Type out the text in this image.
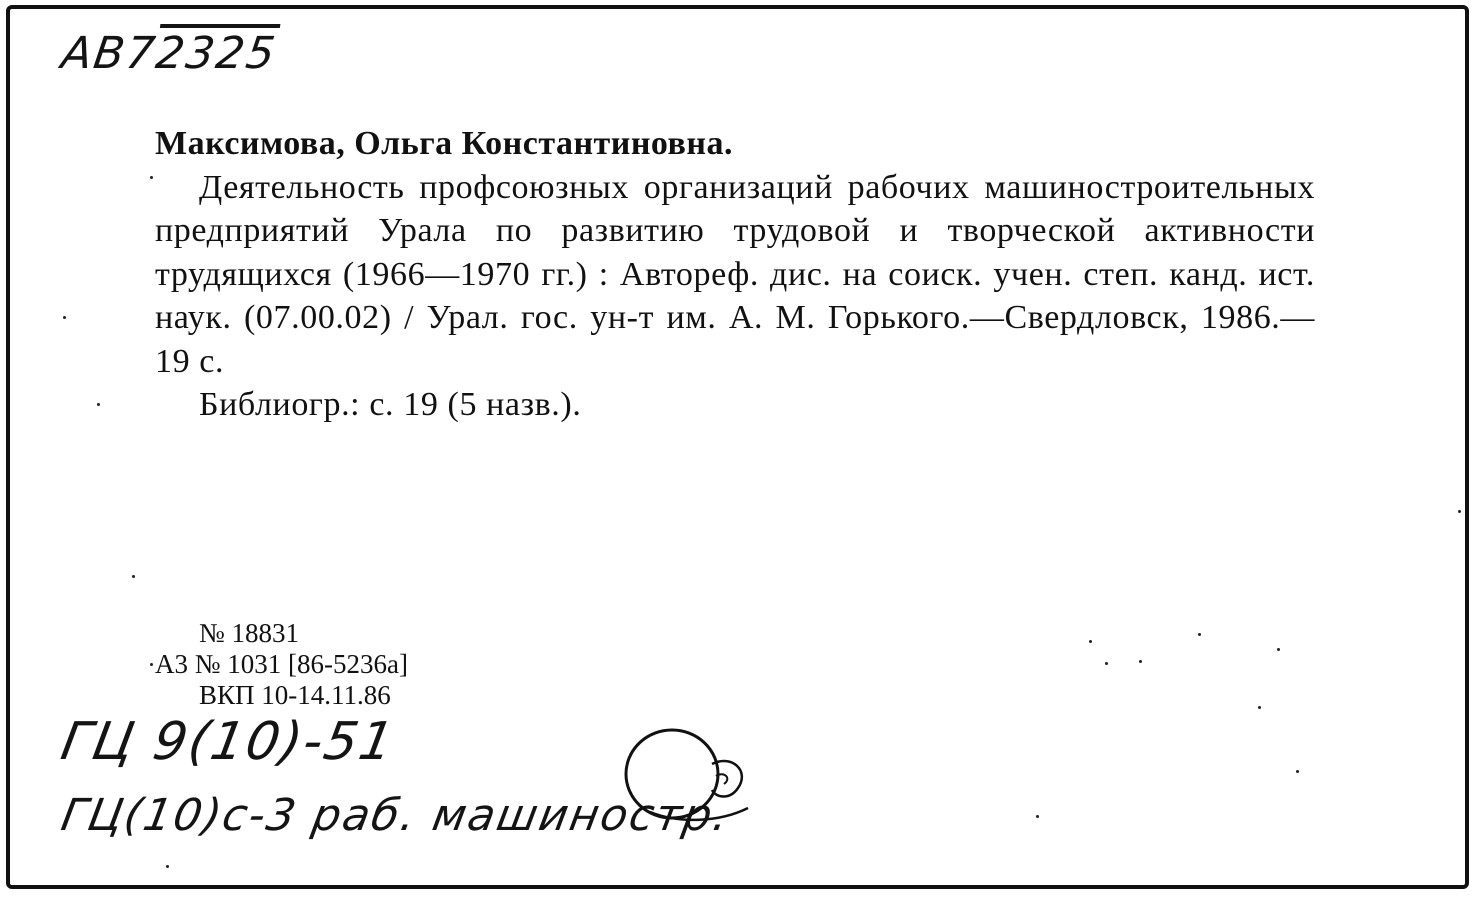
АВ72325

Максимова, Ольга Константиновна.

Деятельность профсоюзных организаций рабочих машиностроительных предприятий Урала по развитию трудовой и творческой активности трудящихся (1966—1970 гг.) : Автореф. дис. на соиск. учен. степ. канд. ист. наук. (07.00.02) / Урал. гос. ун-т им. А. М. Горького.—Свердловск, 1986.—19 с.

Библиогр.: с. 19 (5 назв.).

№ 18831
А3 № 1031 [86-5236а]
ВКП 10-14.11.86
ГЦ 9(10)-51
ГЦ(10)с-3 раб. машиностр.
